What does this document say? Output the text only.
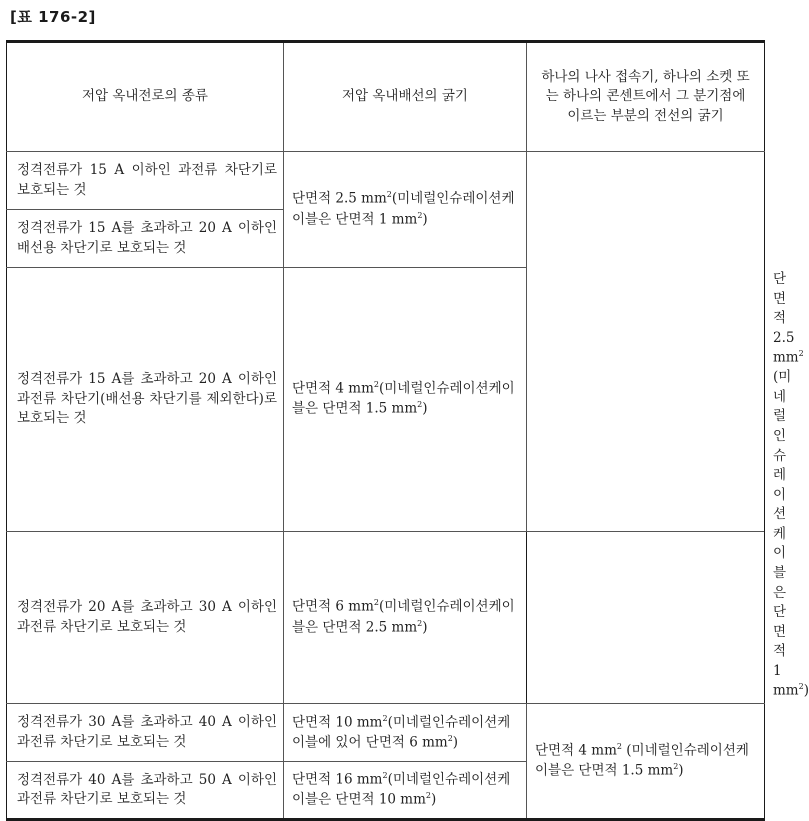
[표 176-2]
저압 옥내전로의 종류	저압 옥내배선의 굵기	하나의 나사 접속기, 하나의 소켓 또는 하나의 콘센트에서 그 분기점에 이르는 부분의 전선의 굵기	
정격전류가 15 A 이하인 과전류 차단기로 보호되는 것	단면적 2.5 $mm^2$(미네럴인슈레이션케이블은 단면적 1 $mm^2$)		
정격전류가 15 A를 초과하고 20 A 이하인 배선용 차단기로 보호되는 것			
정격전류가 15 A를 초과하고 20 A 이하인 과전류 차단기(배선용 차단기를 제외한다)로 보호되는 것	단면적 4 $mm^2$(미네럴인슈레이션케이블은 단면적 1.5 $mm^2$)		단면적 2.5 $mm^2$ (미네럴인슈레이션케이블은 단면적 1 $mm^2$)
정격전류가 20 A를 초과하고 30 A 이하인 과전류 차단기로 보호되는 것	단면적 6 $mm^2$(미네럴인슈레이션케이블은 단면적 2.5 $mm^2$)		
정격전류가 30 A를 초과하고 40 A 이하인 과전류 차단기로 보호되는 것	단면적 10 $mm^2$(미네럴인슈레이션케이블에 있어 단면적 6 $mm^2$)	단면적 4 $mm^2$ (미네럴인슈레이션케이블은 단면적 1.5 $mm^2$)	
정격전류가 40 A를 초과하고 50 A 이하인 과전류 차단기로 보호되는 것	단면적 16 $mm^2$(미네럴인슈레이션케이블은 단면적 10 $mm^2$)		
